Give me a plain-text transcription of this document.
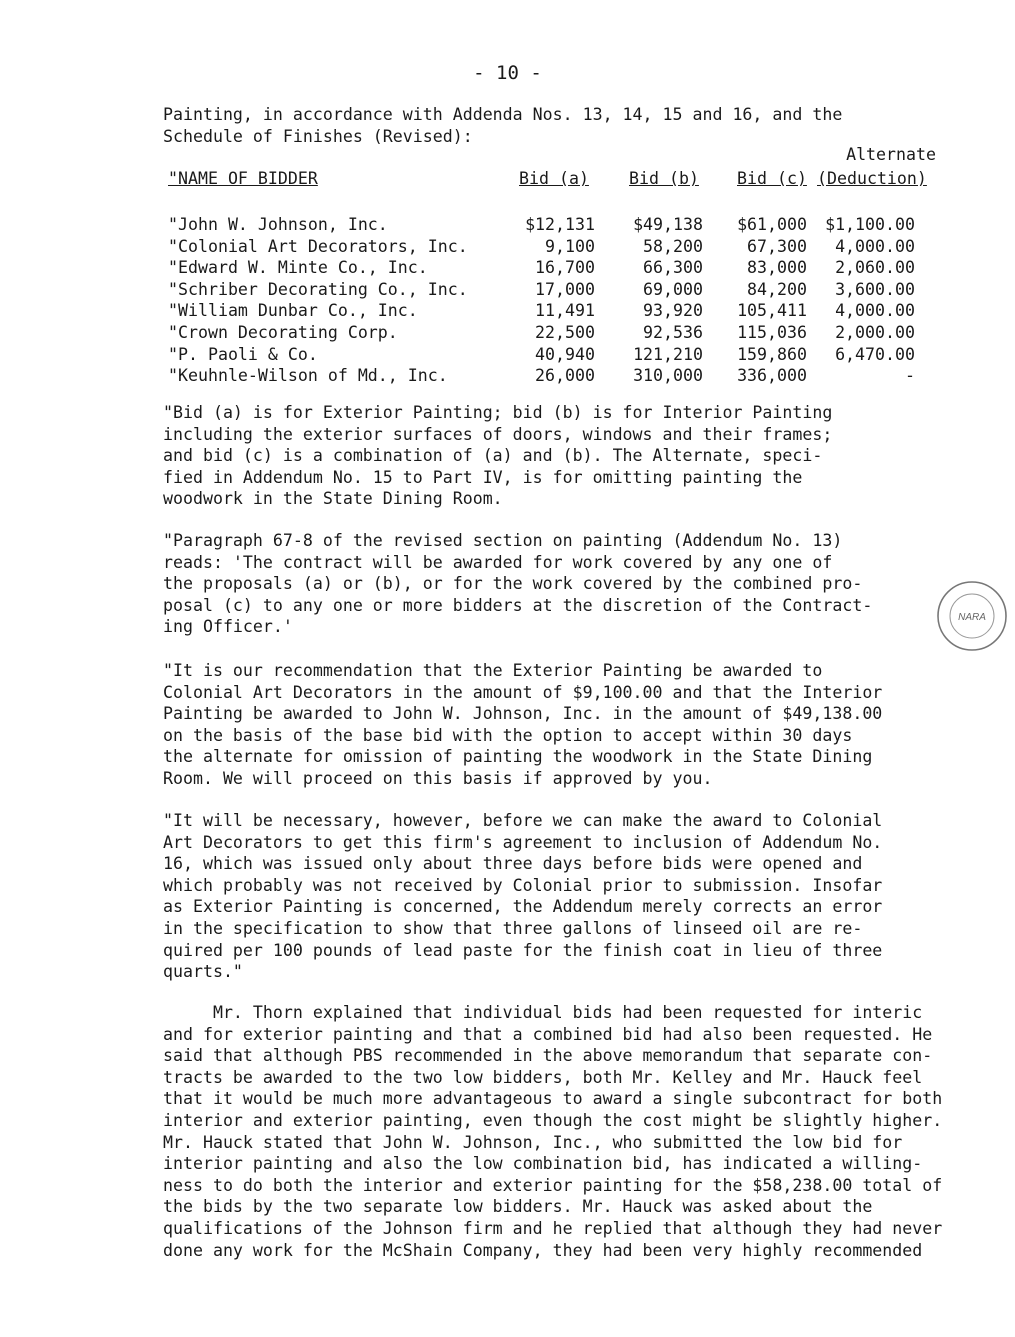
- 10 -

Painting, in accordance with Addenda Nos. 13, 14, 15 and 16, and the
Schedule of Finishes (Revised):

Alternate
"NAME OF BIDDER	Bid (a) Bid (b) Bid (c) (Deduction)
"John W. Johnson, Inc.	$12,131 $49,138 $61,000 $1,100.00
"Colonial Art Decorators, Inc.	9,100	58,200	67,300 4,000.00
"Edward W. Minte Co., Inc.	16,700	66,300	83,000 2,060.00
"Schriber Decorating Co., Inc.	17,000	69,000	84,200 3,600.00
"William Dunbar Co., Inc.	11,491	93,920 105,411 4,000.00
"Crown Decorating Corp.	22,500	92,536 115,036 2,000.00
"P. Paoli & Co.	40,940 121,210 159,860 6,470.00
"Keuhnle-Wilson of Md., Inc.	26,000 310,000 336,000	-

"Bid (a) is for Exterior Painting; bid (b) is for Interior Painting
including the exterior surfaces of doors, windows and their frames;
and bid (c) is a combination of (a) and (b). The Alternate, speci-
fied in Addendum No. 15 to Part IV, is for omitting painting the
woodwork in the State Dining Room.

"Paragraph 67-8 of the revised section on painting (Addendum No. 13)
reads: 'The contract will be awarded for work covered by any one of
the proposals (a) or (b), or for the work covered by the combined pro-
posal (c) to any one or more bidders at the discretion of the Contract-
ing Officer.'

"It is our recommendation that the Exterior Painting be awarded to
Colonial Art Decorators in the amount of $9,100.00 and that the Interior
Painting be awarded to John W. Johnson, Inc. in the amount of $49,138.00
on the basis of the base bid with the option to accept within 30 days
the alternate for omission of painting the woodwork in the State Dining
Room. We will proceed on this basis if approved by you.

"It will be necessary, however, before we can make the award to Colonial
Art Decorators to get this firm's agreement to inclusion of Addendum No.
16, which was issued only about three days before bids were opened and
which probably was not received by Colonial prior to submission. Insofar
as Exterior Painting is concerned, the Addendum merely corrects an error
in the specification to show that three gallons of linseed oil are re-
quired per 100 pounds of lead paste for the finish coat in lieu of three
quarts."

Mr. Thorn explained that individual bids had been requested for interic
and for exterior painting and that a combined bid had also been requested. He
said that although PBS recommended in the above memorandum that separate con-
tracts be awarded to the two low bidders, both Mr. Kelley and Mr. Hauck feel
that it would be much more advantageous to award a single subcontract for both
interior and exterior painting, even though the cost might be slightly higher.
Mr. Hauck stated that John W. Johnson, Inc., who submitted the low bid for
interior painting and also the low combination bid, has indicated a willing-
ness to do both the interior and exterior painting for the $58,238.00 total of
the bids by the two separate low bidders. Mr. Hauck was asked about the
qualifications of the Johnson firm and he replied that although they had never
done any work for the McShain Company, they had been very highly recommended

NARA
